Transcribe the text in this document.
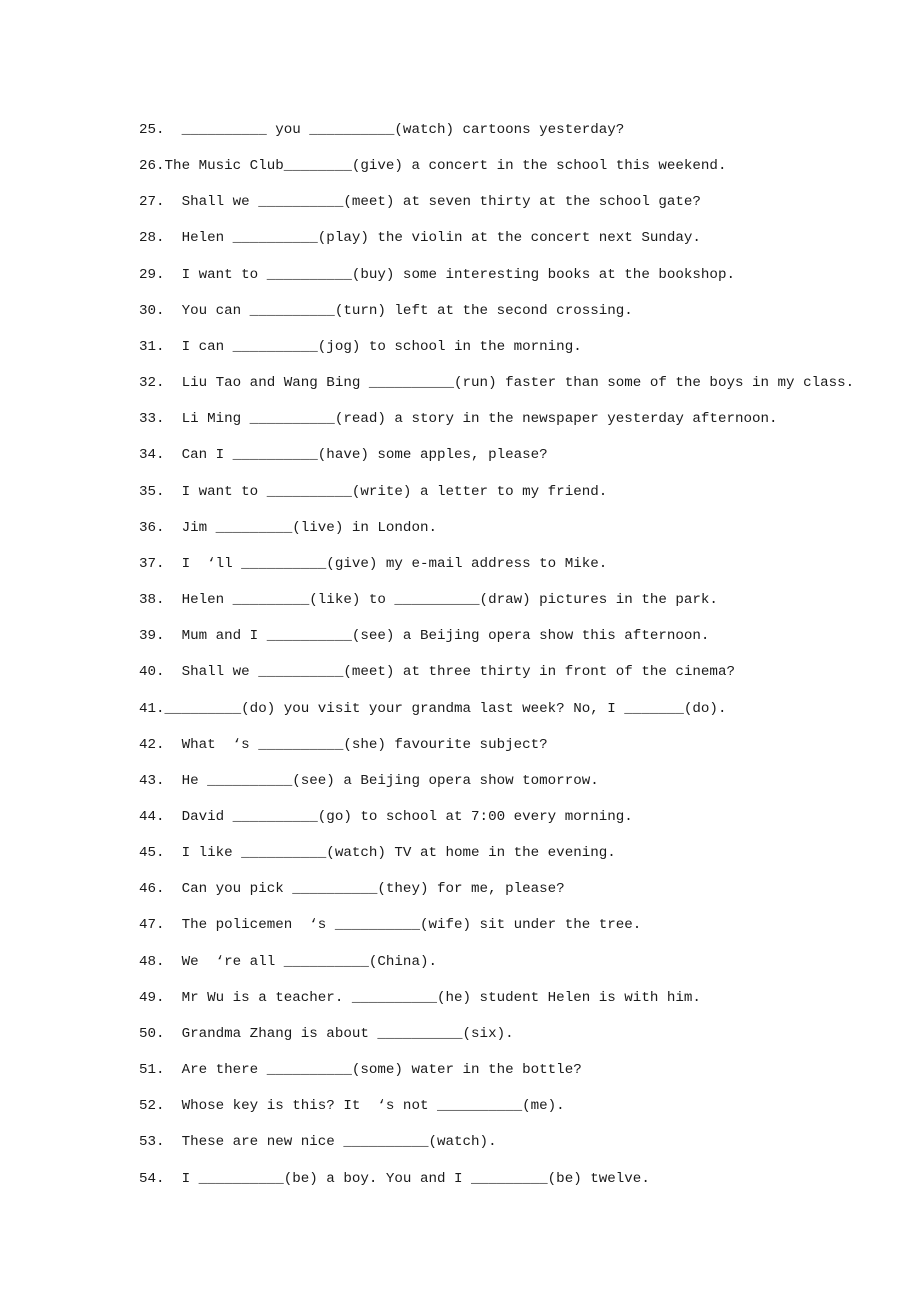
25.  __________ you __________(watch) cartoons yesterday?
26.The Music Club________(give) a concert in the school this weekend.
27.  Shall we __________(meet) at seven thirty at the school gate?
28.  Helen __________(play) the violin at the concert next Sunday.
29.  I want to __________(buy) some interesting books at the bookshop.
30.  You can __________(turn) left at the second crossing.
31.  I can __________(jog) to school in the morning.
32.  Liu Tao and Wang Bing __________(run) faster than some of the boys in my class.
33.  Li Ming __________(read) a story in the newspaper yesterday afternoon.
34.  Can I __________(have) some apples, please?
35.  I want to __________(write) a letter to my friend.
36.  Jim _________(live) in London.
37.  I  ‘ll __________(give) my e-mail address to Mike.
38.  Helen _________(like) to __________(draw) pictures in the park.
39.  Mum and I __________(see) a Beijing opera show this afternoon.
40.  Shall we __________(meet) at three thirty in front of the cinema?
41._________(do) you visit your grandma last week? No, I _______(do).
42.  What  ‘s __________(she) favourite subject?
43.  He __________(see) a Beijing opera show tomorrow.
44.  David __________(go) to school at 7:00 every morning.
45.  I like __________(watch) TV at home in the evening.
46.  Can you pick __________(they) for me, please?
47.  The policemen  ‘s __________(wife) sit under the tree.
48.  We  ‘re all __________(China).
49.  Mr Wu is a teacher. __________(he) student Helen is with him.
50.  Grandma Zhang is about __________(six).
51.  Are there __________(some) water in the bottle?
52.  Whose key is this? It  ‘s not __________(me).
53.  These are new nice __________(watch).
54.  I __________(be) a boy. You and I _________(be) twelve.
